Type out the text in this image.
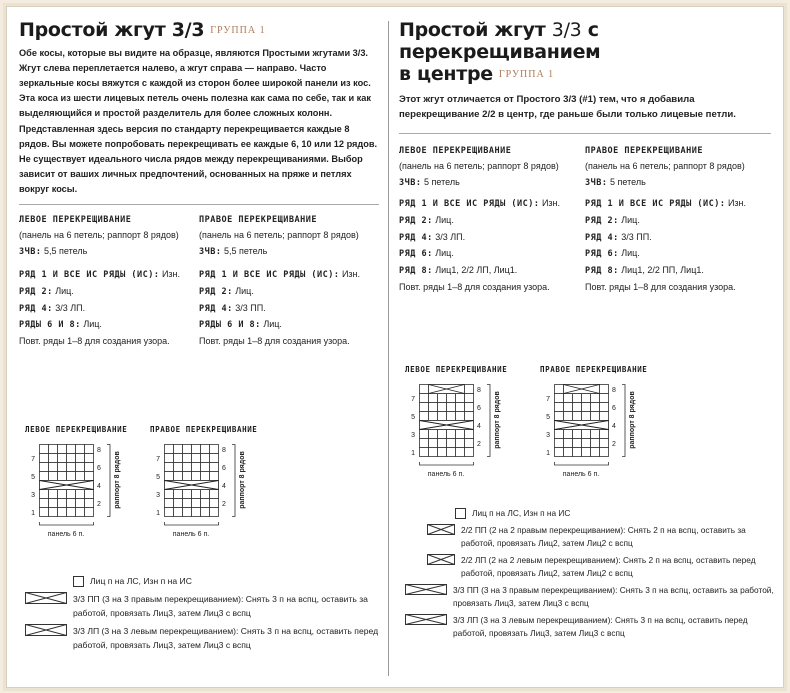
Простой жгут 3/3 ГРУППА 1

Обе косы, которые вы видите на образце, являются Простыми жгутами 3/3. Жгут слева переплетается налево, а жгут справа — направо. Часто зеркальные косы вяжутся с каждой из сторон более широкой панели из кос. Эта коса из шести лицевых петель очень полезна как сама по себе, так и как выделяющийся и простой разделитель для более сложных колонн. Представленная здесь версия по стандарту перекрещивается каждые 8 рядов. Вы можете попробовать перекрещивать ее каждые 6, 10 или 12 рядов. Не существует идеального числа рядов между перекрещиваниями. Выбор зависит от ваших личных предпочтений, основанных на пряже и петлях вокруг косы.

ЛЕВОЕ ПЕРЕКРЕЩИВАНИЕ
(панель на 6 петель; раппорт 8 рядов)
ЗЧВ: 5,5 петель
РЯД 1 И ВСЕ ИС РЯДЫ (ИС): Изн.
РЯД 2: Лиц.
РЯД 4: 3/3 ЛП.
РЯДЫ 6 И 8: Лиц.
Повт. ряды 1–8 для создания узора.
ПРАВОЕ ПЕРЕКРЕЩИВАНИЕ
(панель на 6 петель; раппорт 8 рядов)
ЗЧВ: 5,5 петель
РЯД 1 И ВСЕ ИС РЯДЫ (ИС): Изн.
РЯД 2: Лиц.
РЯД 4: 3/3 ПП.
РЯДЫ 6 И 8: Лиц.
Повт. ряды 1–8 для создания узора.
ЛЕВОЕ ПЕРЕКРЕЩИВАНИЕ
1
2
3
4
5
6
7
8
раппорт 8 рядов
панель 6 п.
ПРАВОЕ ПЕРЕКРЕЩИВАНИЕ
1
2
3
4
5
6
7
8
раппорт 8 рядов
панель 6 п.
Лиц п на ЛС, Изн п на ИС
3/3 ПП (3 на 3 правым перекрещиванием): Снять 3 п на вспц, оставить за работой, провязать Лиц3, затем Лиц3 с вспц
3/3 ЛП (3 на 3 левым перекрещиванием): Снять 3 п на вспц, оставить перед работой, провязать Лиц3, затем Лиц3 с вспц
Простой жгут 3/3 с перекрещиванием
в центре ГРУППА 1

Этот жгут отличается от Простого 3/3 (#1) тем, что я добавила перекрещивание 2/2 в центр, где раньше были только лицевые петли.

ЛЕВОЕ ПЕРЕКРЕЩИВАНИЕ
(панель на 6 петель; раппорт 8 рядов)
ЗЧВ: 5 петель
РЯД 1 И ВСЕ ИС РЯДЫ (ИС): Изн.
РЯД 2: Лиц.
РЯД 4: 3/3 ЛП.
РЯД 6: Лиц.
РЯД 8: Лиц1, 2/2 ЛП, Лиц1.
Повт. ряды 1–8 для создания узора.
ПРАВОЕ ПЕРЕКРЕЩИВАНИЕ
(панель на 6 петель; раппорт 8 рядов)
ЗЧВ: 5 петель
РЯД 1 И ВСЕ ИС РЯДЫ (ИС): Изн.
РЯД 2: Лиц.
РЯД 4: 3/3 ПП.
РЯД 6: Лиц.
РЯД 8: Лиц1, 2/2 ПП, Лиц1.
Повт. ряды 1–8 для создания узора.
ЛЕВОЕ ПЕРЕКРЕЩИВАНИЕ
1
2
3
4
5
6
7
8
раппорт 8 рядов
панель 6 п.
ПРАВОЕ ПЕРЕКРЕЩИВАНИЕ
1
2
3
4
5
6
7
8
раппорт 8 рядов
панель 6 п.
Лиц п на ЛС, Изн п на ИС
2/2 ПП (2 на 2 правым перекрещиванием): Снять 2 п на вспц, оставить за работой, провязать Лиц2, затем Лиц2 с вспц
2/2 ЛП (2 на 2 левым перекрещиванием): Снять 2 п на вспц, оставить перед работой, провязать Лиц2, затем Лиц2 с вспц
3/3 ПП (3 на 3 правым перекрещиванием): Снять 3 п на вспц, оставить за работой, провязать Лиц3, затем Лиц3 с вспц
3/3 ЛП (3 на 3 левым перекрещиванием): Снять 3 п на вспц, оставить перед работой, провязать Лиц3, затем Лиц3 с вспц
